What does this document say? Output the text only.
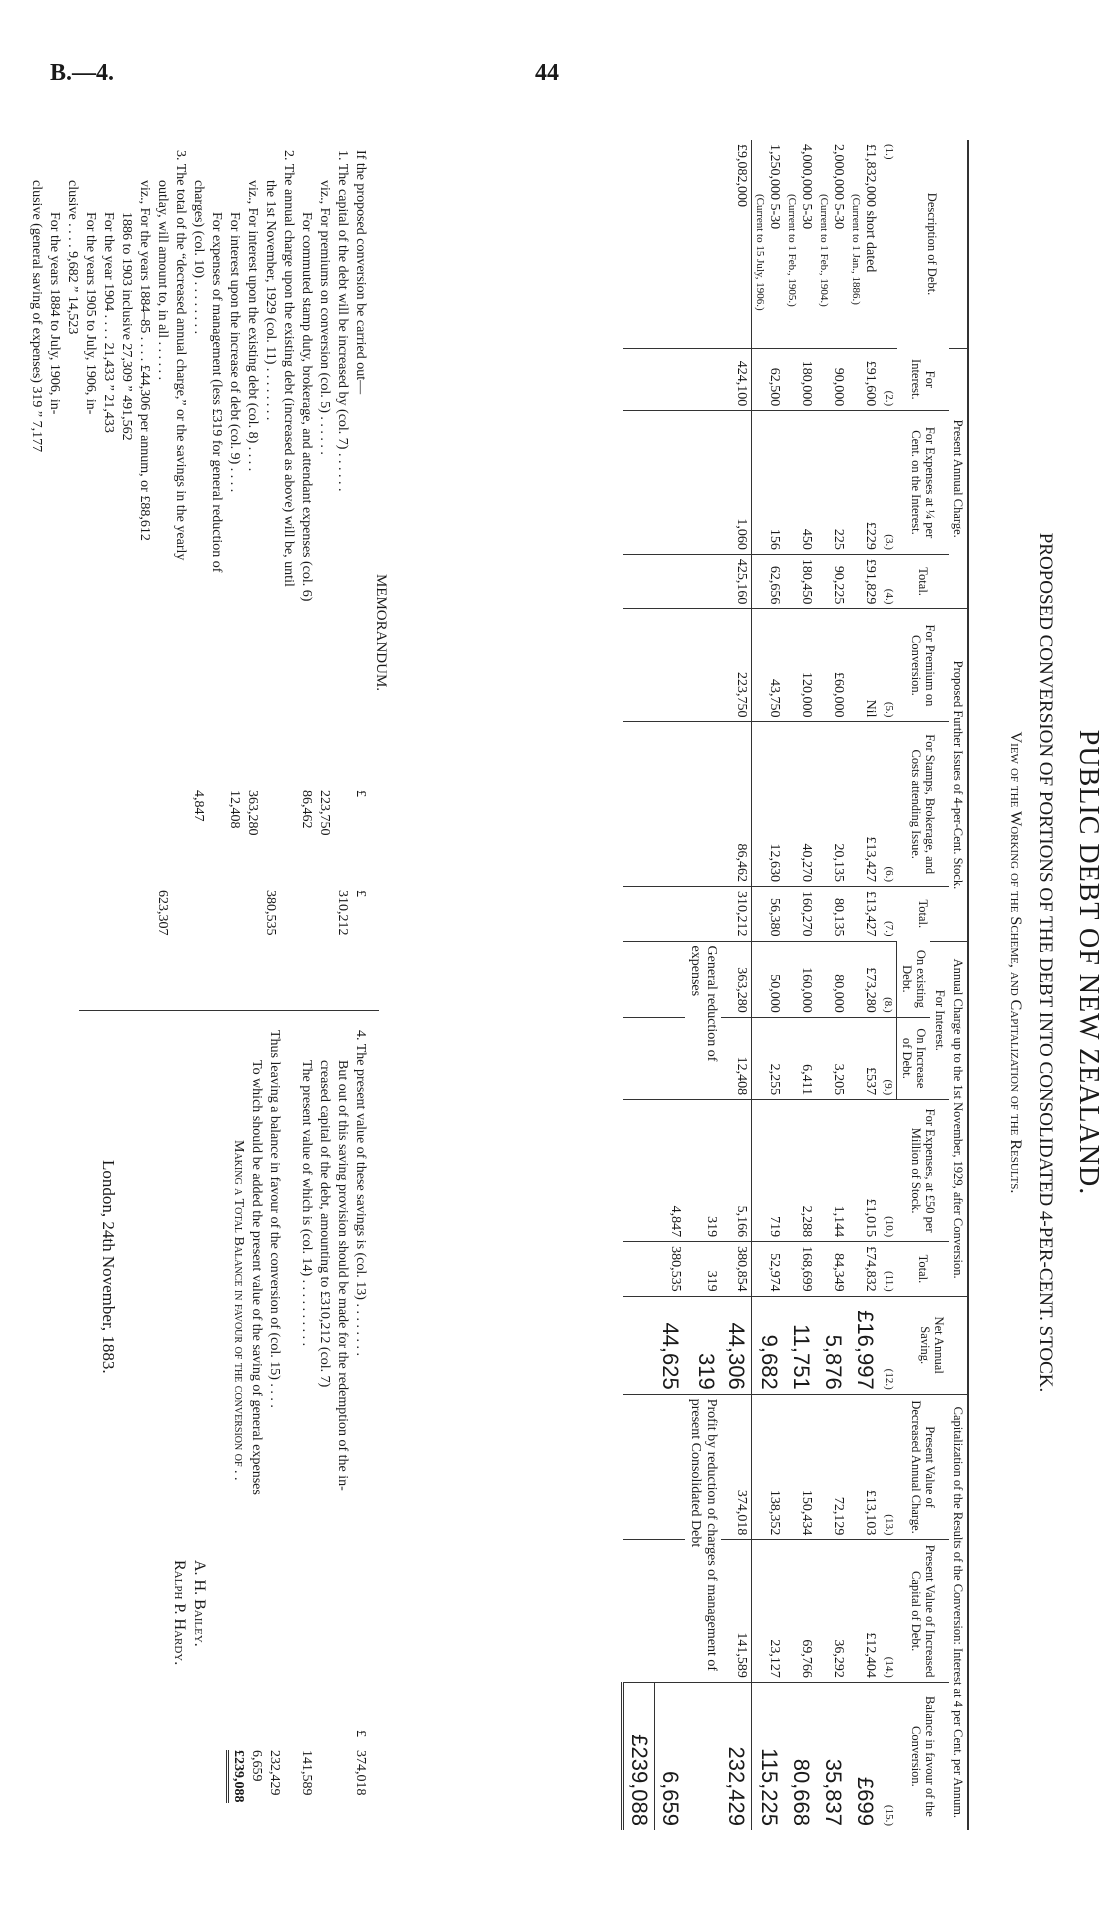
B.—4.	44
PUBLIC DEBT OF NEW ZEALAND.
PROPOSED CONVERSION OF PORTIONS OF THE DEBT INTO CONSOLIDATED 4-PER-CENT. STOCK.
View of the Working of the Scheme, and Capitalization of the Results.
Description of Debt.	Present Annual Charge.			Proposed Further Issues of 4-per-Cent. Stock.			Annual Charge up to the 1st November, 1929, after Conversion.				Net Annual Saving.	Capitalization of the Results of the Conversion: Interest at 4 per Cent. per Annum.		
	For Interest.	For Expenses at ¼ per Cent. on the Interest.	Total.	For Premium on Conversion.	For Stamps, Brokerage, and Costs attending Issue.	Total.	For Interest.		For Expenses, at £50 per Million of Stock.	Total.		Present Value of Decreased Annual Charge.	Present Value of Increased Capital of Debt.	Balance in favour of the Conversion.
							On existing Debt.	On Increase of Debt.						
(1.)	(2.)	(3.)	(4.)	(5.)	(6.)	(7.)	(8.)	(9.)	(10.)	(11.)	(12.)	(13.)	(14.)	(15.)

£1,832,000 short dated
(Current to 1 Jan., 1886.)	£91,600	£229	£91,829	Nil	£13,427	£13,427	£73,280	£537	£1,015	£74,832	£16,997	£13,103	£12,404	£699

2,000,000 5-30
(Current to 1 Feb., 1904.)	90,000	225	90,225	£60,000	20,135	80,135	80,000	3,205	1,144	84,349	5,876	72,129	36,292	35,837

4,000,000 5-30
(Current to 1 Feb., 1905.)	180,000	450	180,450	120,000	40,270	160,270	160,000	6,411	2,288	168,699	11,751	150,434	69,766	80,668

1,250,000 5-30
(Current to 15 July, 1906.)	62,500	156	62,656	43,750	12,630	56,380	50,000	2,255	719	52,974	9,682	138,352	23,127	115,225

£9,082,000	424,100	1,060	425,160	223,750	86,462	310,212	363,280	12,408	5,166	380,854	44,306	374,018	141,589	232,429
							General reduction of expenses		319	319	319	Profit by reduction of charges of management of present Consolidated Debt		
									4,847	380,535	44,625			6,659
														£239,088
MEMORANDUM.
If the proposed conversion be carried out—
£
£
1. The capital of the debt will be increased by (col. 7) . . . . . .
310,212
viz., For premiums on conversion (col. 5) . . . . . .
223,750
For commuted stamp duty, brokerage, and attendant expenses (col. 6)
86,462
2. The annual charge upon the existing debt (increased as above) will be, until
the 1st November, 1929 (col. 11) . . . . . . . .
380,535
viz., For interest upon the existing debt (col. 8) . . . .
363,280
For interest upon the increase of debt (col. 9) . . . .
12,408
For expenses of management (less £319 for general reduction of
charges) (col. 10) . . . . . . . .
4,847
3. The total of the “decreased annual charge,” or the savings in the yearly
outlay, will amount to, in all . . . . . .
623,307
viz., For the years 1884–85 . . . . £44,306 per annum, or £88,612
1886 to 1903 inclusive 27,309 ” 491,562
For the year 1904 . . . . 21,433 ” 21,433
For the years 1905 to July, 1906, in-
clusive . . . . 9,682 ” 14,523
For the years 1884 to July, 1906, in-
clusive (general saving of expenses) 319 ” 7,177
4. The present value of these savings is (col. 13) . . . . . . . .
£
374,018
But out of this saving provision should be made for the redemption of the in-
creased capital of the debt, amounting to £310,212 (col. 7)
The present value of which is (col. 14) . . . . . . . . . .
141,589
Thus leaving a balance in favour of the conversion of (col. 15) . . . .
232,429
To which should be added the present value of the saving of general expenses
6,659
Making a Total Balance in favour of the conversion of . .
£239,088
A. H. Bailey.
Ralph P. Hardy.
London, 24th November, 1883.
